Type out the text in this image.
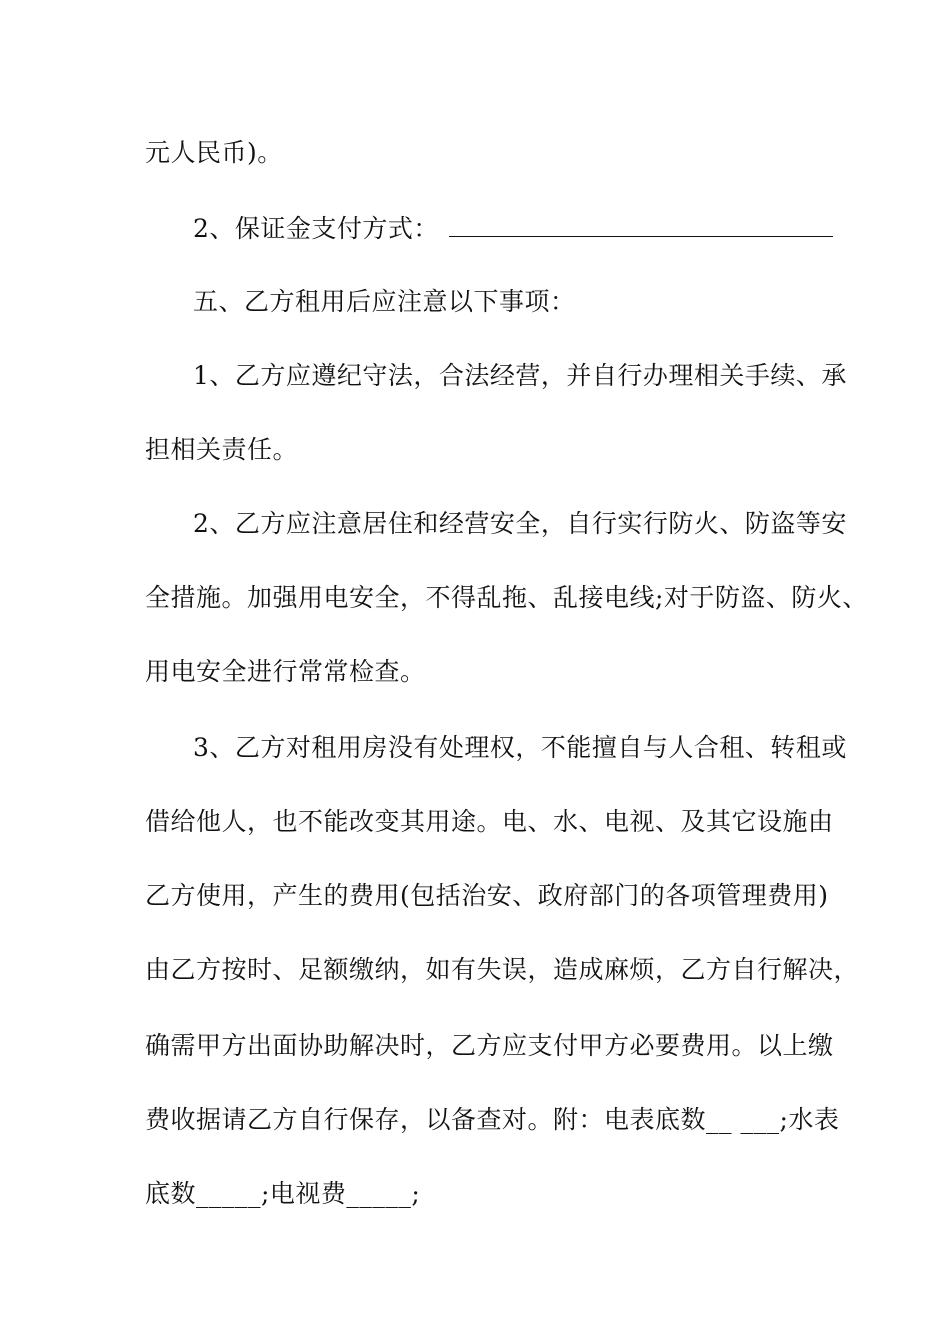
元人民币)。
2、保证金支付方式：
五、乙方租用后应注意以下事项：
1、乙方应遵纪守法，合法经营，并自行办理相关手续、承
担相关责任。
2、乙方应注意居住和经营安全，自行实行防火、防盗等安
全措施。加强用电安全，不得乱拖、乱接电线;对于防盗、防火、
用电安全进行常常检查。
3、乙方对租用房没有处理权，不能擅自与人合租、转租或
借给他人，也不能改变其用途。电、水、电视、及其它设施由
乙方使用，产生的费用(包括治安、政府部门的各项管理费用)
由乙方按时、足额缴纳，如有失误，造成麻烦，乙方自行解决，
确需甲方出面协助解决时，乙方应支付甲方必要费用。以上缴
费收据请乙方自行保存，以备查对。附：电表底数__ ___;水表
底数_____;电视费_____;
